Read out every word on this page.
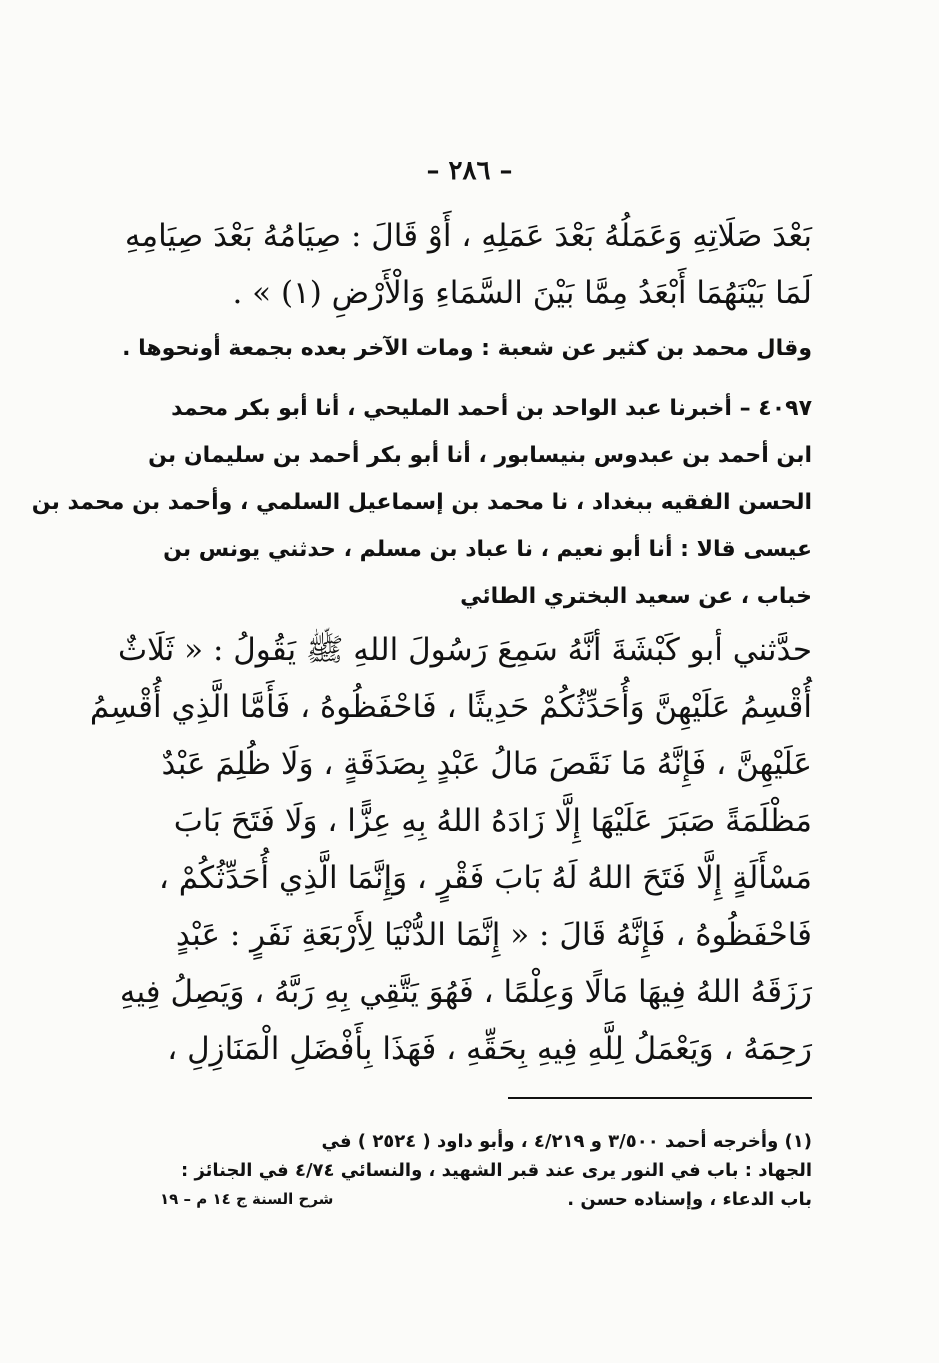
– ٢٨٦ –
بَعْدَ صَلَاتِهِ وَعَمَلُهُ بَعْدَ عَمَلِهِ ، أَوْ قَالَ : صِيَامُهُ بَعْدَ صِيَامِهِ
لَمَا بَيْنَهُمَا أَبْعَدُ مِمَّا بَيْنَ السَّمَاءِ وَالْأَرْضِ (١) » .
وقال محمد بن كثير عن شعبة : ومات الآخر بعده بجمعة أونحوها .
٤٠٩٧ – أخبرنا عبد الواحد بن أحمد المليحي ، أنا أبو بكر محمد
ابن أحمد بن عبدوس بنيسابور ، أنا أبو بكر أحمد بن سليمان بن
الحسن الفقيه ببغداد ، نا محمد بن إسماعيل السلمي ، وأحمد بن محمد بن
عيسى قالا : أنا أبو نعيم ، نا عباد بن مسلم ، حدثني يونس بن
خباب ، عن سعيد البختري الطائي
حدَّثني أبو كَبْشَةَ أنَّهُ سَمِعَ رَسُولَ اللهِ ﷺ يَقُولُ : « ثَلَاثٌ
أُقْسِمُ عَلَيْهِنَّ وَأُحَدِّثُكُمْ حَدِيثًا ، فَاحْفَظُوهُ ، فَأَمَّا الَّذِي أُقْسِمُ
عَلَيْهِنَّ ، فَإِنَّهُ مَا نَقَصَ مَالُ عَبْدٍ بِصَدَقَةٍ ، وَلَا ظُلِمَ عَبْدٌ
مَظْلَمَةً صَبَرَ عَلَيْهَا إِلَّا زَادَهُ اللهُ بِهِ عِزًّا ، وَلَا فَتَحَ بَابَ
مَسْأَلَةٍ إِلَّا فَتَحَ اللهُ لَهُ بَابَ فَقْرٍ ، وَإِنَّمَا الَّذِي أُحَدِّثُكُمْ ،
فَاحْفَظُوهُ ، فَإِنَّهُ قَالَ : « إِنَّمَا الدُّنْيَا لِأَرْبَعَةِ نَفَرٍ : عَبْدٍ
رَزَقَهُ اللهُ فِيهَا مَالًا وَعِلْمًا ، فَهُوَ يَتَّقِي بِهِ رَبَّهُ ، وَيَصِلُ فِيهِ
رَحِمَهُ ، وَيَعْمَلُ لِلَّهِ فِيهِ بِحَقِّهِ ، فَهَذَا بِأَفْضَلِ الْمَنَازِلِ ،
(١) وأخرجه أحمد ٣/٥٠٠ و ٤/٢١٩ ، وأبو داود ( ٢٥٢٤ ) في
الجهاد : باب في النور يرى عند قبر الشهيد ، والنسائي ٤/٧٤ في الجنائز :
باب الدعاء ، وإسناده حسن .
شرح السنة ج ١٤ م – ١٩
